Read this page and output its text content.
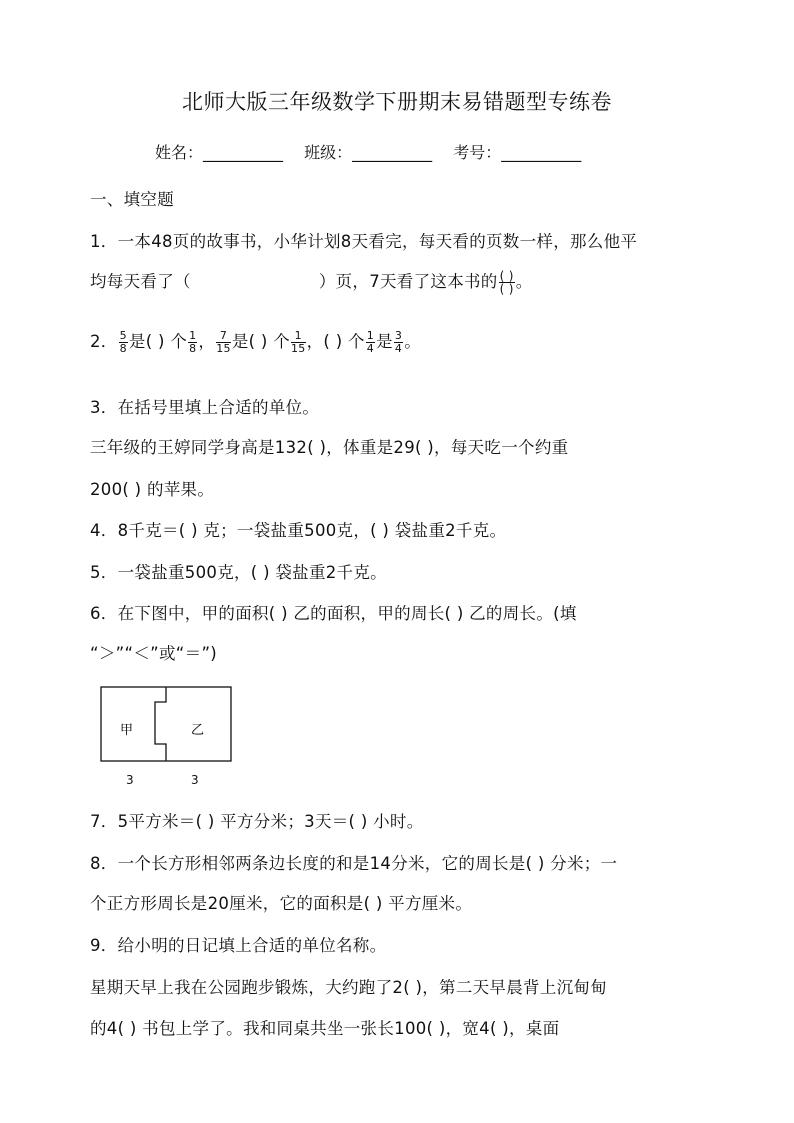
北师大版三年级数学下册期末易错题型专练卷
姓名：__________ 班级：__________ 考号：__________
一、填空题
1．一本48页的故事书，小华计划8天看完，每天看的页数一样，那么他平
均每天看了（	）页，7天看了这本书的 $\frac{( )}{( )}$ 。
2． $\frac{5}{8}$ 是( ) 个 $\frac{1}{8}$ ， $\frac{7}{15}$ 是( ) 个 $\frac{1}{15}$ ，( ) 个 $\frac{1}{4}$ 是 $\frac{3}{4}$ 。
3．在括号里填上合适的单位。
三年级的王婷同学身高是132( )，体重是29( )，每天吃一个约重
200( ) 的苹果。
4．8千克＝( ) 克；一袋盐重500克，( ) 袋盐重2千克。
5．一袋盐重500克，( ) 袋盐重2千克。
6．在下图中，甲的面积( ) 乙的面积，甲的周长( ) 乙的周长。(填
“＞”“＜”或“＝”)
甲	乙
3	3
7．5平方米＝( ) 平方分米；3天＝( ) 小时。
8．一个长方形相邻两条边长度的和是14分米，它的周长是( ) 分米；一
个正方形周长是20厘米，它的面积是( ) 平方厘米。
9．给小明的日记填上合适的单位名称。
星期天早上我在公园跑步锻炼，大约跑了2( )，第二天早晨背上沉甸甸
的4( ) 书包上学了。我和同桌共坐一张长100( )，宽4( )，桌面
